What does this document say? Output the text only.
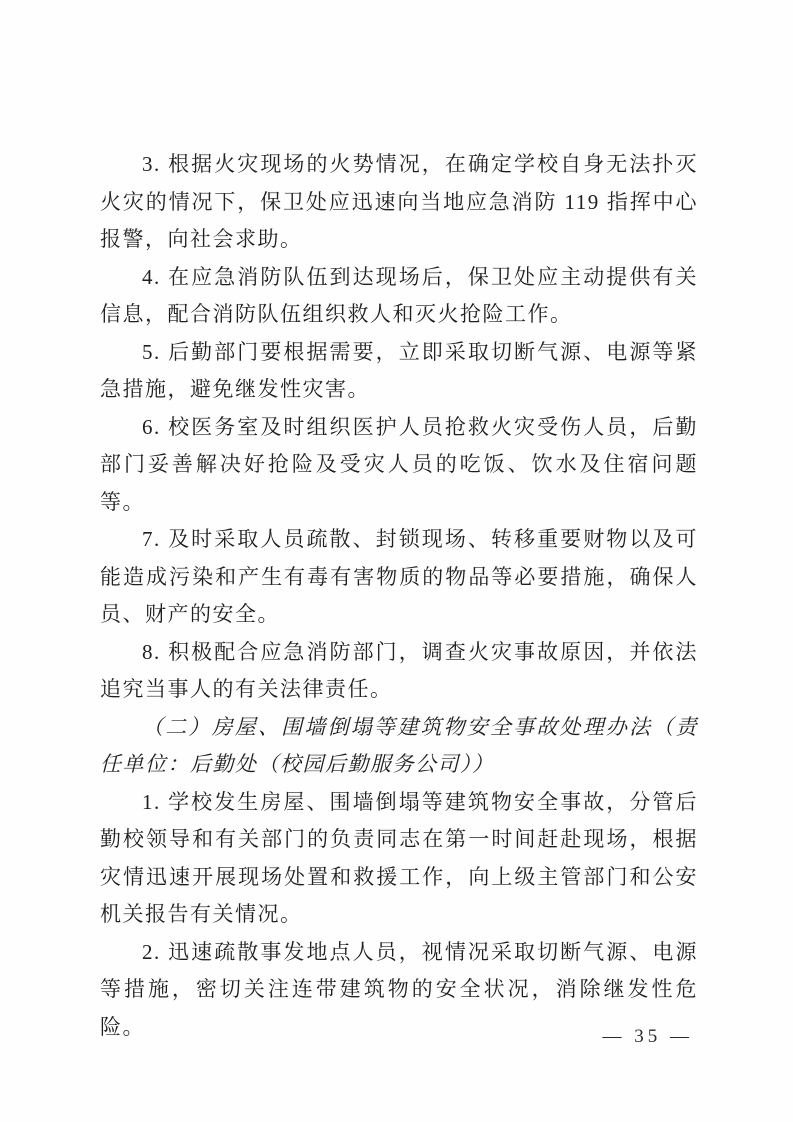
3. 根据火灾现场的火势情况，在确定学校自身无法扑灭火灾的情况下，保卫处应迅速向当地应急消防 119 指挥中心报警，向社会求助。

4. 在应急消防队伍到达现场后，保卫处应主动提供有关信息，配合消防队伍组织救人和灭火抢险工作。

5. 后勤部门要根据需要，立即采取切断气源、电源等紧急措施，避免继发性灾害。

6. 校医务室及时组织医护人员抢救火灾受伤人员，后勤部门妥善解决好抢险及受灾人员的吃饭、饮水及住宿问题等。

7. 及时采取人员疏散、封锁现场、转移重要财物以及可能造成污染和产生有毒有害物质的物品等必要措施，确保人员、财产的安全。

8. 积极配合应急消防部门，调查火灾事故原因，并依法追究当事人的有关法律责任。

（二）房屋、围墙倒塌等建筑物安全事故处理办法（责任单位：后勤处（校园后勤服务公司））

1. 学校发生房屋、围墙倒塌等建筑物安全事故，分管后勤校领导和有关部门的负责同志在第一时间赶赴现场，根据灾情迅速开展现场处置和救援工作，向上级主管部门和公安机关报告有关情况。

2. 迅速疏散事发地点人员，视情况采取切断气源、电源等措施，密切关注连带建筑物的安全状况，消除继发性危险。	— 35 —
